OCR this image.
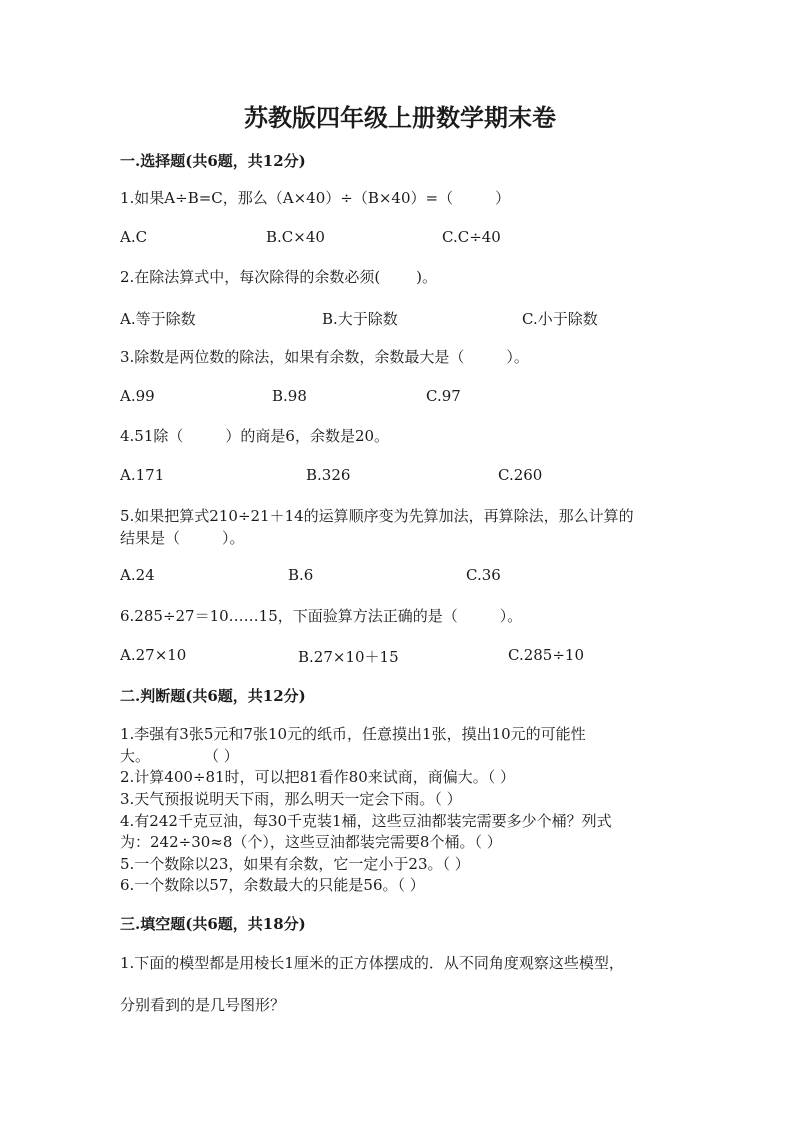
苏教版四年级上册数学期末卷
一.选择题(共6题，共12分)
1.如果A÷B=C，那么（A×40）÷（B×40）=（	）
A.C	B.C×40	C.C÷40
2.在除法算式中，每次除得的余数必须( )。
A.等于除数	B.大于除数	C.小于除数
3.除数是两位数的除法，如果有余数，余数最大是（	）。
A.99	B.98	C.97
4.51除（	）的商是6，余数是20。
A.171	B.326	C.260
5.如果把算式210÷21＋14的运算顺序变为先算加法，再算除法，那么计算的
结果是（	）。
A.24	B.6	C.36
6.285÷27＝10……15，下面验算方法正确的是（	）。
A.27×10	B.27×10＋15	C.285÷10
二.判断题(共6题，共12分)
1.李强有3张5元和7张10元的纸币，任意摸出1张，摸出10元的可能性
大。	（ ）
2.计算400÷81时，可以把81看作80来试商，商偏大。（ ）
3.天气预报说明天下雨，那么明天一定会下雨。（ ）
4.有242千克豆油，每30千克装1桶，这些豆油都装完需要多少个桶？列式
为：242÷30≈8（个），这些豆油都装完需要8个桶。（ ）
5.一个数除以23，如果有余数，它一定小于23。（ ）
6.一个数除以57，余数最大的只能是56。（ ）
三.填空题(共6题，共18分)
1.下面的模型都是用棱长1厘米的正方体摆成的．从不同角度观察这些模型，
分别看到的是几号图形？
